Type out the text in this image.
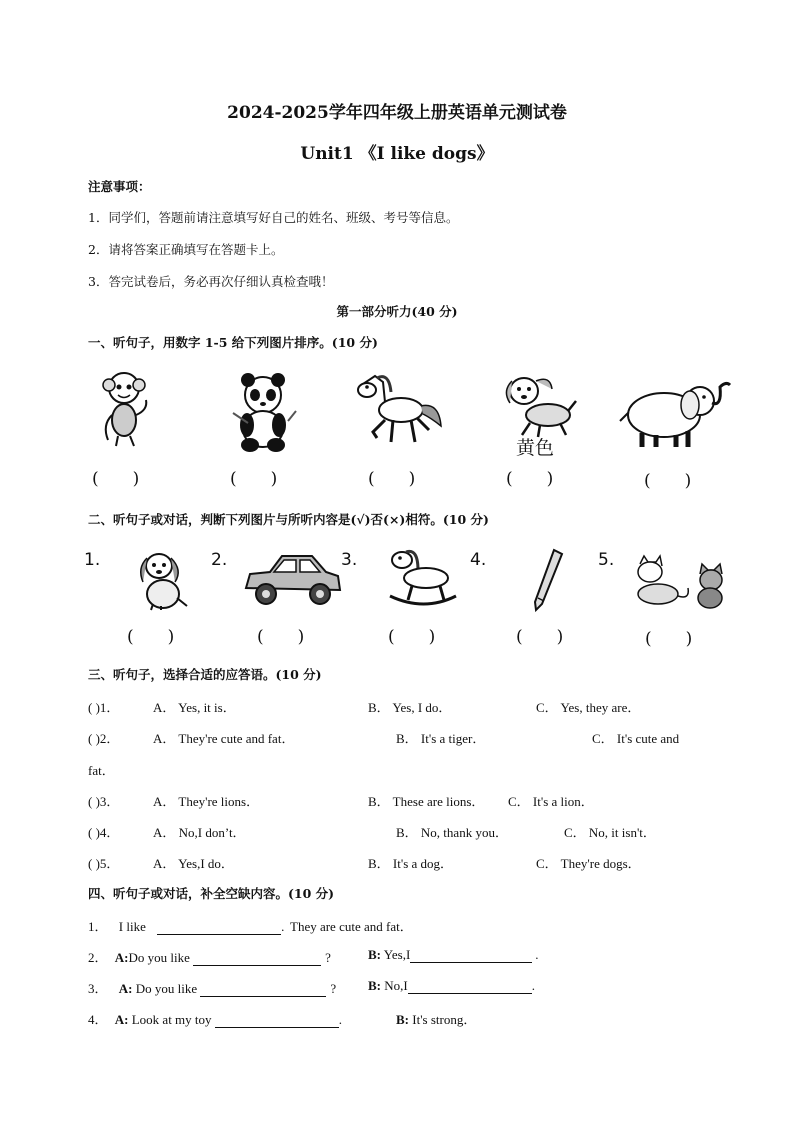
2024-2025学年四年级上册英语单元测试卷
Unit1 《I like dogs》
注意事项：
1．同学们，答题前请注意填写好自己的姓名、班级、考号等信息。
2．请将答案正确填写在答题卡上。
3．答完试卷后，务必再次仔细认真检查哦！
第一部分听力(40 分)
一、听句子，用数字 1-5 给下列图片排序。(10 分)
黄色
(　　)	(　　)	(　　)	(　　)	(　　)
二、听句子或对话，判断下列图片与所听内容是(√)否(×)相符。(10 分)
1.	2.	3.	4.	5.
(　　)	(　　)	(　　)	(　　)	(　　)
三、听句子，选择合适的应答语。(10 分)
( )1．	A． Yes, it is．	B． Yes, I do．	C． Yes, they are．
( )2．	A． They're cute and fat．	B． It's a tiger．	C． It's cute and
fat．
( )3．	A． They're lions．	B． These are lions． C． It's a lion．
( )4．	A． No,I don’t．	B． No, thank you．	C． No, it isn't．
( )5．	A． Yes,I do．	B． It's a dog．	C． They're dogs．
四、听句子或对话，补全空缺内容。(10 分)
1． I like	. They are cute and fat．
2． A:Do you like	?	B: Yes,I	.
3． A: Do you like	? B: No,I	.
4． A: Look at my toy	.	B: It's strong．
